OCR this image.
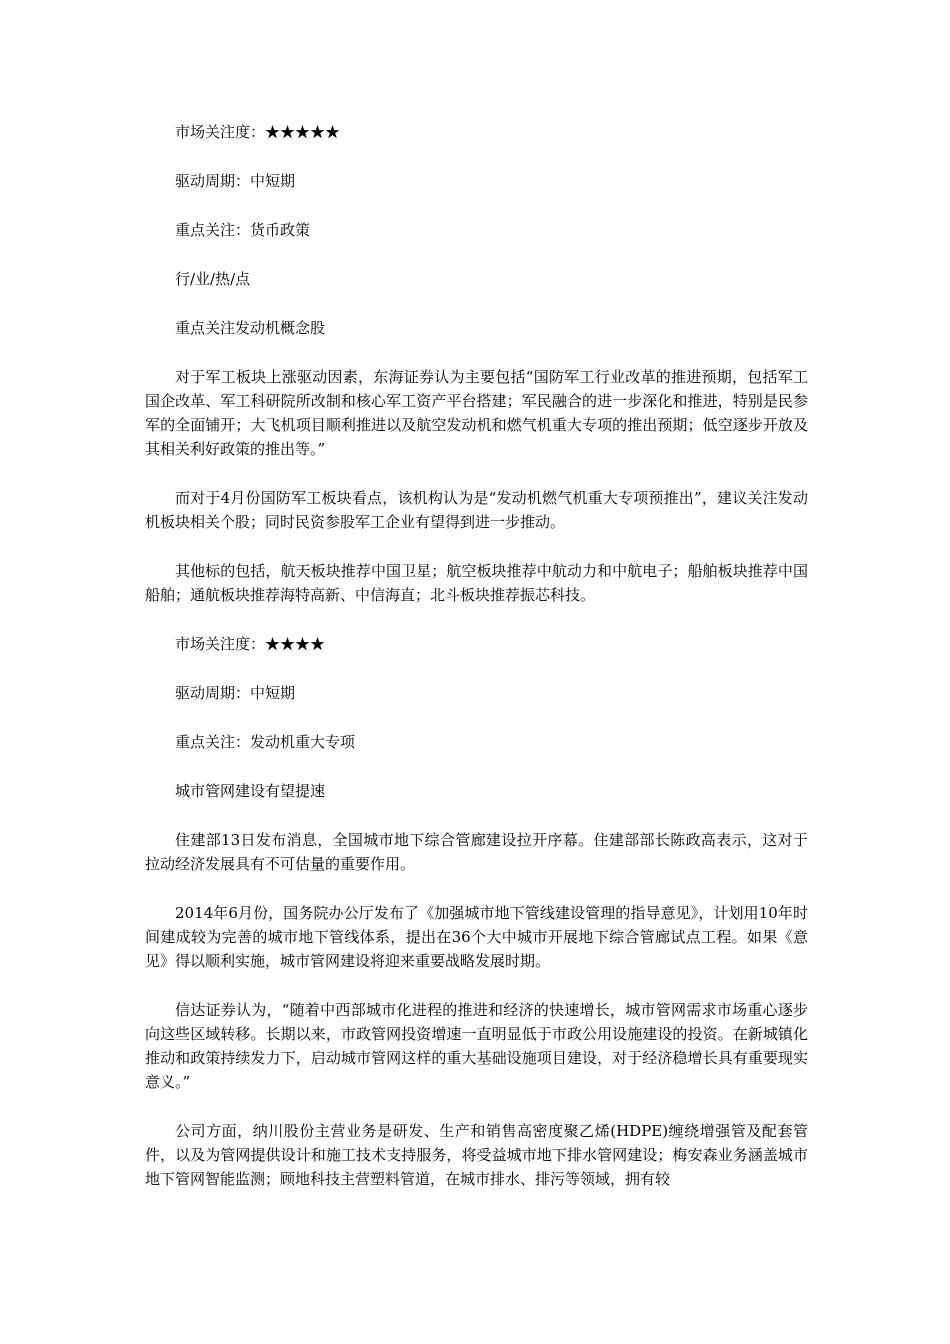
市场关注度：★★★★★

驱动周期：中短期

重点关注：货币政策

行/业/热/点

重点关注发动机概念股

对于军工板块上涨驱动因素，东海证券认为主要包括“国防军工行业改革的推进预期，包括军工国企改革、军工科研院所改制和核心军工资产平台搭建；军民融合的进一步深化和推进，特别是民参军的全面铺开；大飞机项目顺利推进以及航空发动机和燃气机重大专项的推出预期；低空逐步开放及其相关利好政策的推出等。”

而对于4月份国防军工板块看点，该机构认为是“发动机燃气机重大专项预推出”，建议关注发动机板块相关个股；同时民资参股军工企业有望得到进一步推动。

其他标的包括，航天板块推荐中国卫星；航空板块推荐中航动力和中航电子；船舶板块推荐中国船舶；通航板块推荐海特高新、中信海直；北斗板块推荐振芯科技。

市场关注度：★★★★

驱动周期：中短期

重点关注：发动机重大专项

城市管网建设有望提速

住建部13日发布消息，全国城市地下综合管廊建设拉开序幕。住建部部长陈政高表示，这对于拉动经济发展具有不可估量的重要作用。

2014年6月份，国务院办公厅发布了《加强城市地下管线建设管理的指导意见》，计划用10年时间建成较为完善的城市地下管线体系，提出在36个大中城市开展地下综合管廊试点工程。如果《意见》得以顺利实施，城市管网建设将迎来重要战略发展时期。

信达证券认为，“随着中西部城市化进程的推进和经济的快速增长，城市管网需求市场重心逐步向这些区域转移。长期以来，市政管网投资增速一直明显低于市政公用设施建设的投资。在新城镇化推动和政策持续发力下，启动城市管网这样的重大基础设施项目建设，对于经济稳增长具有重要现实意义。”

公司方面，纳川股份主营业务是研发、生产和销售高密度聚乙烯(HDPE)缠绕增强管及配套管件，以及为管网提供设计和施工技术支持服务，将受益城市地下排水管网建设；梅安森业务涵盖城市地下管网智能监测；顾地科技主营塑料管道，在城市排水、排污等领域，拥有较
